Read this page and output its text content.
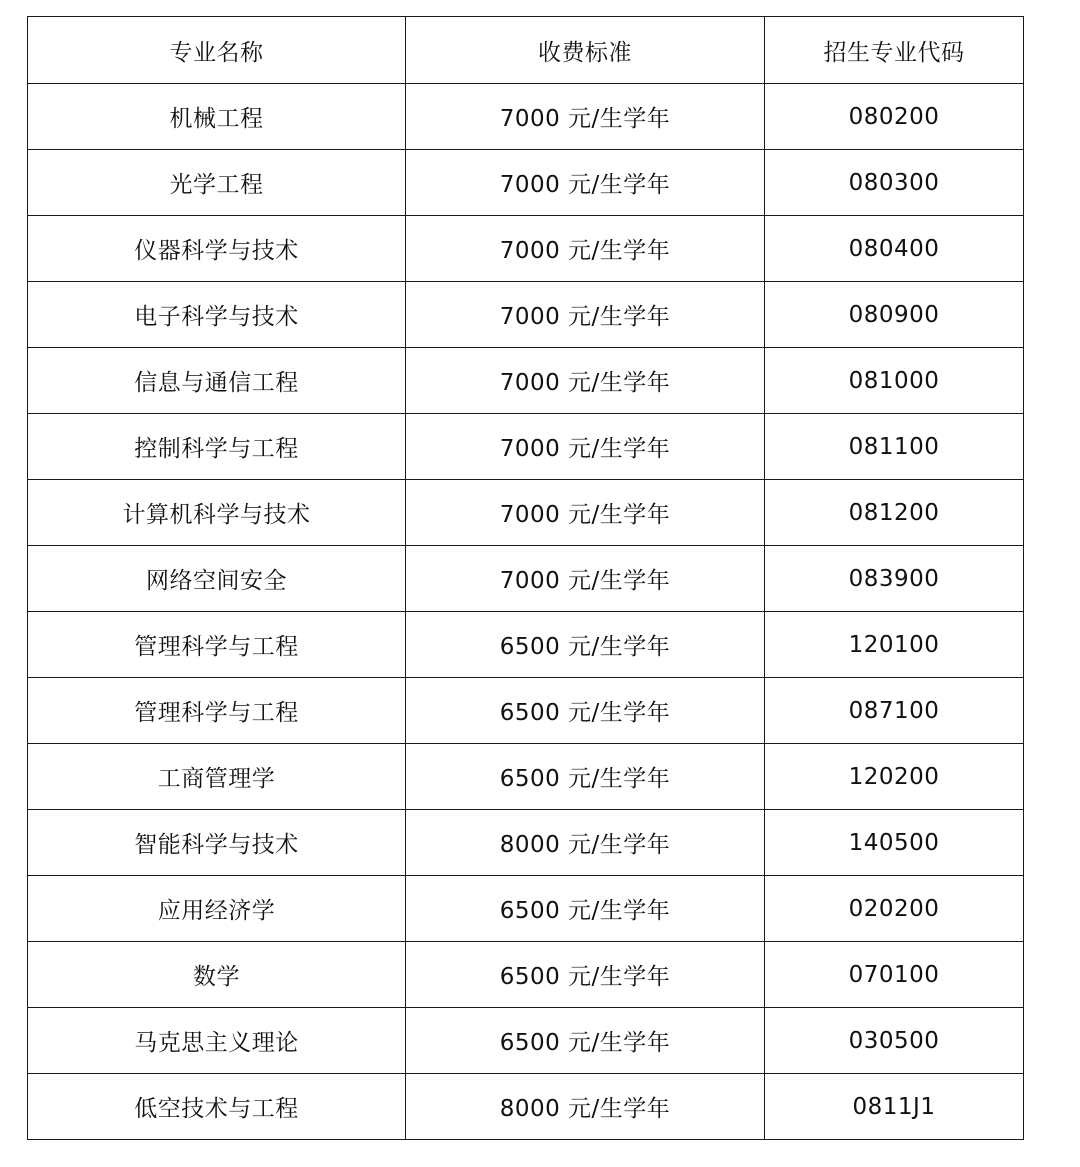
专业名称	收费标准	招生专业代码
机械工程	7000 元/生学年	080200
光学工程	7000 元/生学年	080300
仪器科学与技术	7000 元/生学年	080400
电子科学与技术	7000 元/生学年	080900
信息与通信工程	7000 元/生学年	081000
控制科学与工程	7000 元/生学年	081100
计算机科学与技术	7000 元/生学年	081200
网络空间安全	7000 元/生学年	083900
管理科学与工程	6500 元/生学年	120100
管理科学与工程	6500 元/生学年	087100
工商管理学	6500 元/生学年	120200
智能科学与技术	8000 元/生学年	140500
应用经济学	6500 元/生学年	020200
数学	6500 元/生学年	070100
马克思主义理论	6500 元/生学年	030500
低空技术与工程	8000 元/生学年	0811J1
